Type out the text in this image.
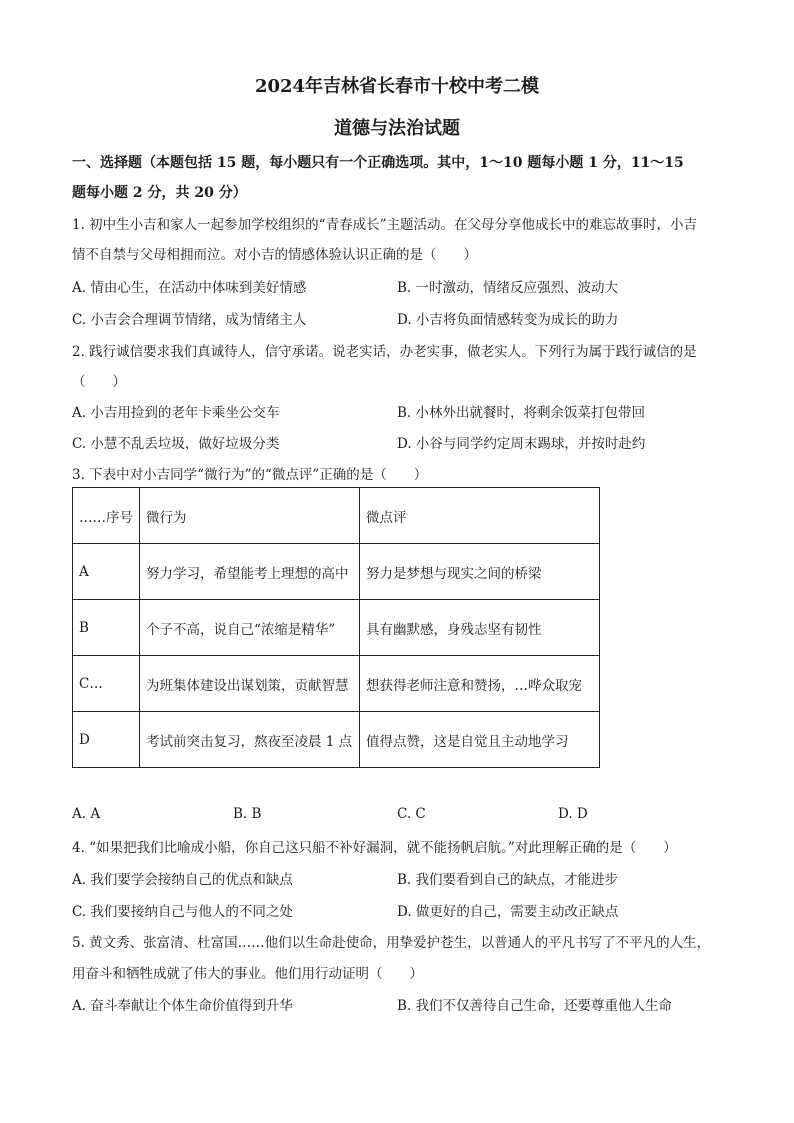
2024年吉林省长春市十校中考二模
道德与法治试题
一、选择题（本题包括 15 题，每小题只有一个正确选项。其中，1～10 题每小题 1 分，11～15
题每小题 2 分，共 20 分）
1. 初中生小吉和家人一起参加学校组织的“青春成长”主题活动。在父母分享他成长中的难忘故事时，小吉
情不自禁与父母相拥而泣。对小吉的情感体验认识正确的是（　　）
A. 情由心生，在活动中体味到美好情感	B. 一时激动，情绪反应强烈、波动大
C. 小吉会合理调节情绪，成为情绪主人	D. 小吉将负面情感转变为成长的助力
2. 践行诚信要求我们真诚待人，信守承诺。说老实话，办老实事，做老实人。下列行为属于践行诚信的是
（　　）
A. 小吉用捡到的老年卡乘坐公交车	B. 小林外出就餐时，将剩余饭菜打包带回
C. 小慧不乱丢垃圾，做好垃圾分类	D. 小谷与同学约定周末踢球，并按时赴约
3. 下表中对小吉同学“微行为”的“微点评”正确的是（　　）
……序号	微行为	微点评
A	努力学习，希望能考上理想的高中	努力是梦想与现实之间的桥梁
B	个子不高，说自己“浓缩是精华”	具有幽默感，身残志坚有韧性
C…	为班集体建设出谋划策，贡献智慧	想获得老师注意和赞扬，…哗众取宠
D	考试前突击复习，熬夜至凌晨 1 点	值得点赞，这是自觉且主动地学习
A. A	B. B	C. C	D. D
4. “如果把我们比喻成小船，你自己这只船不补好漏洞，就不能扬帆启航。”对此理解正确的是（　　）
A. 我们要学会接纳自己的优点和缺点	B. 我们要看到自己的缺点，才能进步
C. 我们要接纳自己与他人的不同之处	D. 做更好的自己，需要主动改正缺点
5. 黄文秀、张富清、杜富国……他们以生命赴使命，用挚爱护苍生，以普通人的平凡书写了不平凡的人生，
用奋斗和牺牲成就了伟大的事业。他们用行动证明（　　）
A. 奋斗奉献让个体生命价值得到升华	B. 我们不仅善待自己生命，还要尊重他人生命
